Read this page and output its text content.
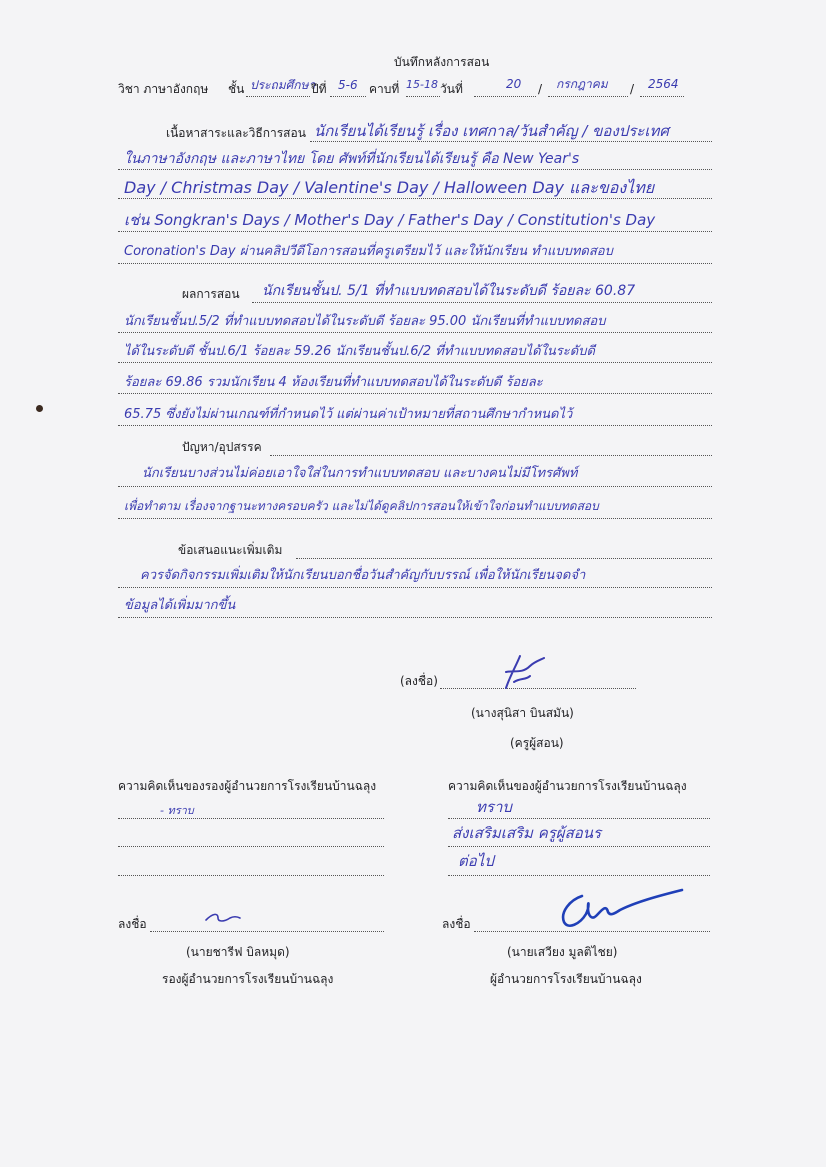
บันทึกหลังการสอน
วิชา ภาษาอังกฤษ ชั้น ประถมศึกษา
ปีที่ 5-6 คาบที่ 15-18 วันที่	20 / กรกฎาคม / 2564
เนื้อหาสาระและวิธีการสอน นักเรียนได้เรียนรู้ เรื่อง เทศกาล/วันสำคัญ / ของประเทศ
ในภาษาอังกฤษ และภาษาไทย โดย ศัพท์ที่นักเรียนได้เรียนรู้ คือ New Year's
Day / Christmas Day / Valentine's Day / Halloween Day และของไทย
เช่น Songkran's Days / Mother's Day / Father's Day / Constitution's Day
Coronation's Day ผ่านคลิปวีดีโอการสอนที่ครูเตรียมไว้ และให้นักเรียน ทำแบบทดสอบ
ผลการสอน นักเรียนชั้นป. 5/1 ที่ทำแบบทดสอบได้ในระดับดี ร้อยละ 60.87
นักเรียนชั้นป.5/2 ที่ทำแบบทดสอบได้ในระดับดี ร้อยละ 95.00 นักเรียนที่ทำแบบทดสอบ
ได้ในระดับดี ชั้นป.6/1 ร้อยละ 59.26 นักเรียนชั้นป.6/2 ที่ทำแบบทดสอบได้ในระดับดี
ร้อยละ 69.86 รวมนักเรียน 4 ห้องเรียนที่ทำแบบทดสอบได้ในระดับดี ร้อยละ
65.75 ซึ่งยังไม่ผ่านเกณฑ์ที่กำหนดไว้ แต่ผ่านค่าเป้าหมายที่สถานศึกษากำหนดไว้
ปัญหา/อุปสรรค
นักเรียนบางส่วนไม่ค่อยเอาใจใส่ในการทำแบบทดสอบ และบางคนไม่มีโทรศัพท์
เพื่อทำตาม เรื่องจากฐานะทางครอบครัว และไม่ได้ดูคลิปการสอนให้เข้าใจก่อนทำแบบทดสอบ
ข้อเสนอแนะเพิ่มเติม
ควรจัดกิจกรรมเพิ่มเติมให้นักเรียนบอกชื่อวันสำคัญกับบรรณ์ เพื่อให้นักเรียนจดจำ
ข้อมูลได้เพิ่มมากขึ้น
(ลงชื่อ)
(นางสุนิสา บินสมัน)
(ครูผู้สอน)
ความคิดเห็นของรองผู้อำนวยการโรงเรียนบ้านฉลุง
- ทราบ
ลงชื่อ
(นายชารีฟ บิลหมุด)
รองผู้อำนวยการโรงเรียนบ้านฉลุง
ความคิดเห็นของผู้อำนวยการโรงเรียนบ้านฉลุง
ทราบ
ส่งเสริมเสริม ครูผู้สอนร
ต่อไป
ลงชื่อ
(นายเสวียง มูลติไชย)
ผู้อำนวยการโรงเรียนบ้านฉลุง
